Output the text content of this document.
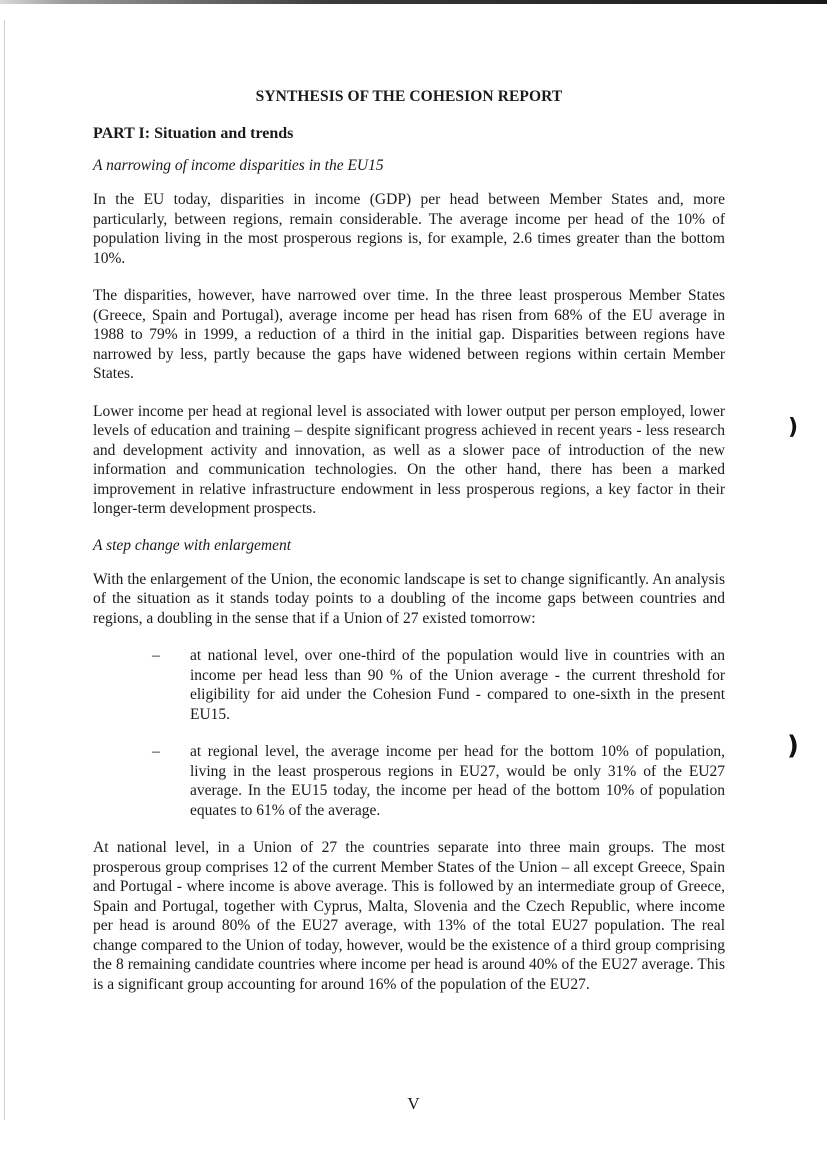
SYNTHESIS OF THE COHESION REPORT
PART I: Situation and trends
A narrowing of income disparities in the EU15

In the EU today, disparities in income (GDP) per head between Member States and, more particularly, between regions, remain considerable. The average income per head of the 10% of population living in the most prosperous regions is, for example, 2.6 times greater than the bottom 10%.

The disparities, however, have narrowed over time. In the three least prosperous Member States (Greece, Spain and Portugal), average income per head has risen from 68% of the EU average in 1988 to 79% in 1999, a reduction of a third in the initial gap. Disparities between regions have narrowed by less, partly because the gaps have widened between regions within certain Member States.

Lower income per head at regional level is associated with lower output per person employed, lower levels of education and training – despite significant progress achieved in recent years - less research and development activity and innovation, as well as a slower pace of introduction of the new information and communication technologies. On the other hand, there has been a marked improvement in relative infrastructure endowment in less prosperous regions, a key factor in their longer-term development prospects.

A step change with enlargement

With the enlargement of the Union, the economic landscape is set to change significantly. An analysis of the situation as it stands today points to a doubling of the income gaps between countries and regions, a doubling in the sense that if a Union of 27 existed tomorrow:

– at national level, over one-third of the population would live in countries with an income per head less than 90 % of the Union average - the current threshold for eligibility for aid under the Cohesion Fund - compared to one-sixth in the present EU15.
– at regional level, the average income per head for the bottom 10% of population, living in the least prosperous regions in EU27, would be only 31% of the EU27 average. In the EU15 today, the income per head of the bottom 10% of population equates to 61% of the average.

At national level, in a Union of 27 the countries separate into three main groups. The most prosperous group comprises 12 of the current Member States of the Union – all except Greece, Spain and Portugal - where income is above average. This is followed by an intermediate group of Greece, Spain and Portugal, together with Cyprus, Malta, Slovenia and the Czech Republic, where income per head is around 80% of the EU27 average, with 13% of the total EU27 population. The real change compared to the Union of today, however, would be the existence of a third group comprising the 8 remaining candidate countries where income per head is around 40% of the EU27 average. This is a significant group accounting for around 16% of the population of the EU27.

)
)
V
